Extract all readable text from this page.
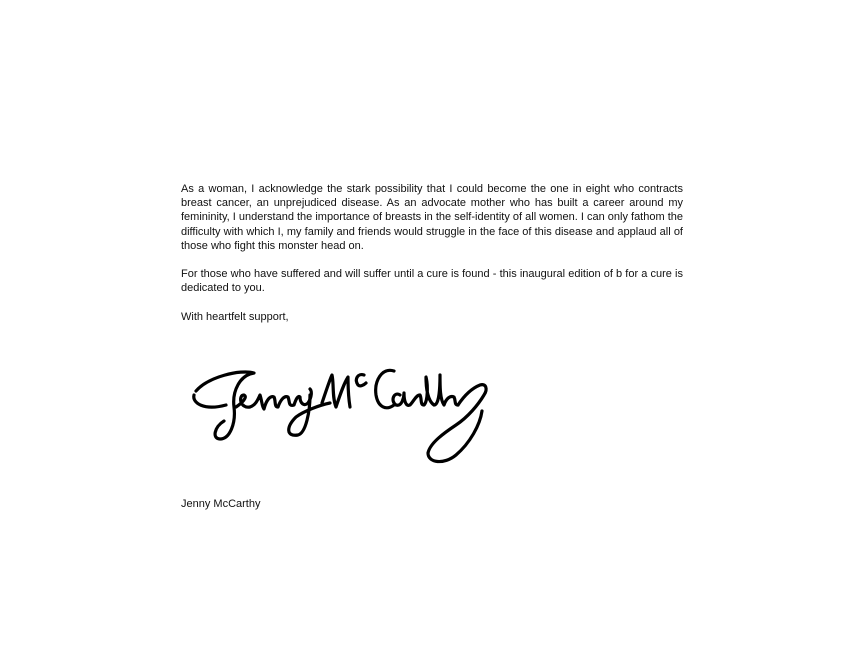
As a woman, I acknowledge the stark possibility that I could become the one in eight who contracts breast cancer, an unprejudiced disease. As an advocate mother who has built a career around my femininity, I understand the importance of breasts in the self-identity of all women. I can only fathom the difficulty with which I, my family and friends would struggle in the face of this disease and applaud all of those who fight this monster head on.

For those who have suffered and will suffer until a cure is found - this inaugural edition of b for a cure is dedicated to you.

With heartfelt support,

Jenny McCarthy
